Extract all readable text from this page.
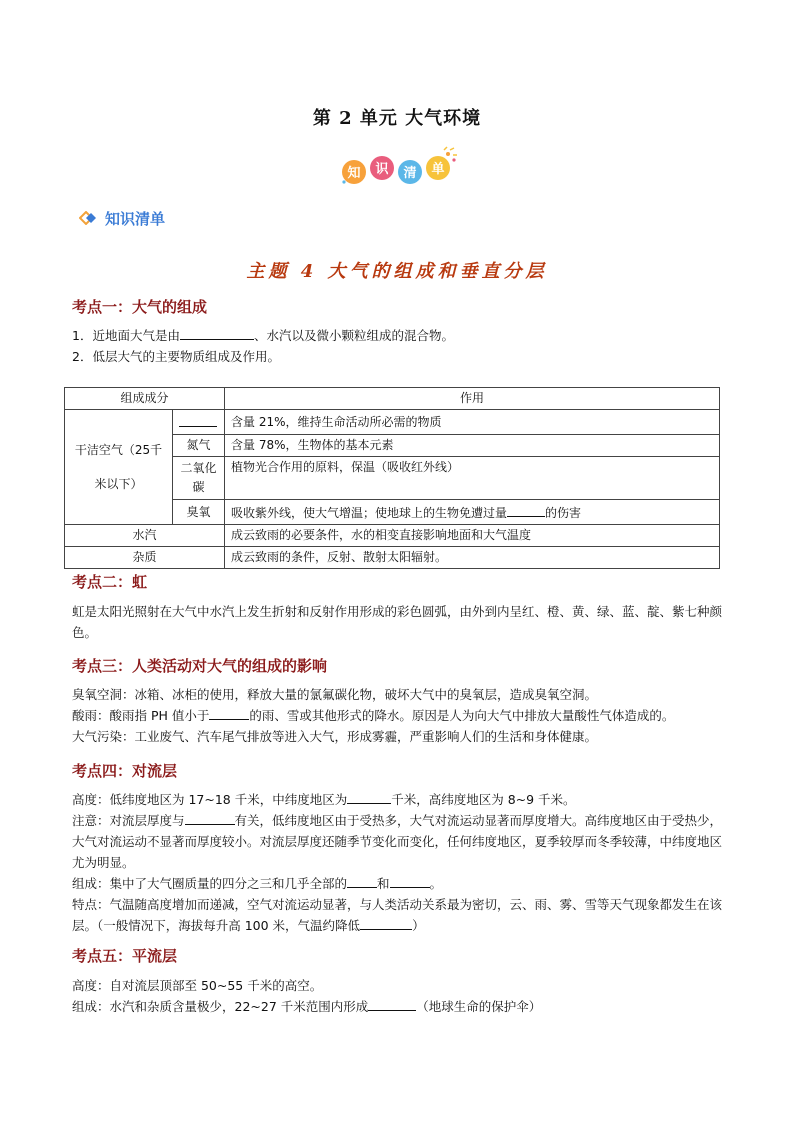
第 2 单元 大气环境
知 识 清 单
知识清单
主题 4 大气的组成和垂直分层
考点一：大气的组成
1．近地面大气是由	、水汽以及微小颗粒组成的混合物。
2．低层大气的主要物质组成及作用。
组成成分		作用
干洁空气（25千米以下）		含量 21%，维持生命活动所必需的物质
	氮气	含量 78%，生物体的基本元素
	二氧化碳	植物光合作用的原料，保温（吸收红外线）

	臭氧	吸收紫外线，使大气增温；使地球上的生物免遭过量 的伤害
水汽		成云致雨的必要条件，水的相变直接影响地面和大气温度
杂质		成云致雨的条件，反射、散射太阳辐射。
考点二：虹
虹是太阳光照射在大气中水汽上发生折射和反射作用形成的彩色圆弧，由外到内呈红、橙、黄、绿、蓝、靛、紫七种颜色。
考点三：人类活动对大气的组成的影响
臭氧空洞：冰箱、冰柜的使用，释放大量的氯氟碳化物，破坏大气中的臭氧层，造成臭氧空洞。
酸雨：酸雨指 PH 值小于	的雨、雪或其他形式的降水。原因是人为向大气中排放大量酸性气体造成的。
大气污染：工业废气、汽车尾气排放等进入大气，形成雾霾，严重影响人们的生活和身体健康。
考点四：对流层
高度：低纬度地区为 17~18 千米，中纬度地区为	千米，高纬度地区为 8~9 千米。
注意：对流层厚度与	有关，低纬度地区由于受热多，大气对流运动显著而厚度增大。高纬度地区由于受热少，大气对流运动不显著而厚度较小。对流层厚度还随季节变化而变化，任何纬度地区，夏季较厚而冬季较薄，中纬度地区尤为明显。
组成：集中了大气圈质量的四分之三和几乎全部的 和	。
特点：气温随高度增加而递减，空气对流运动显著，与人类活动关系最为密切，云、雨、雾、雪等天气现象都发生在该层。（一般情况下，海拔每升高 100 米，气温约降低	）
考点五：平流层
高度：自对流层顶部至 50~55 千米的高空。
组成：水汽和杂质含量极少，22~27 千米范围内形成	（地球生命的保护伞）
